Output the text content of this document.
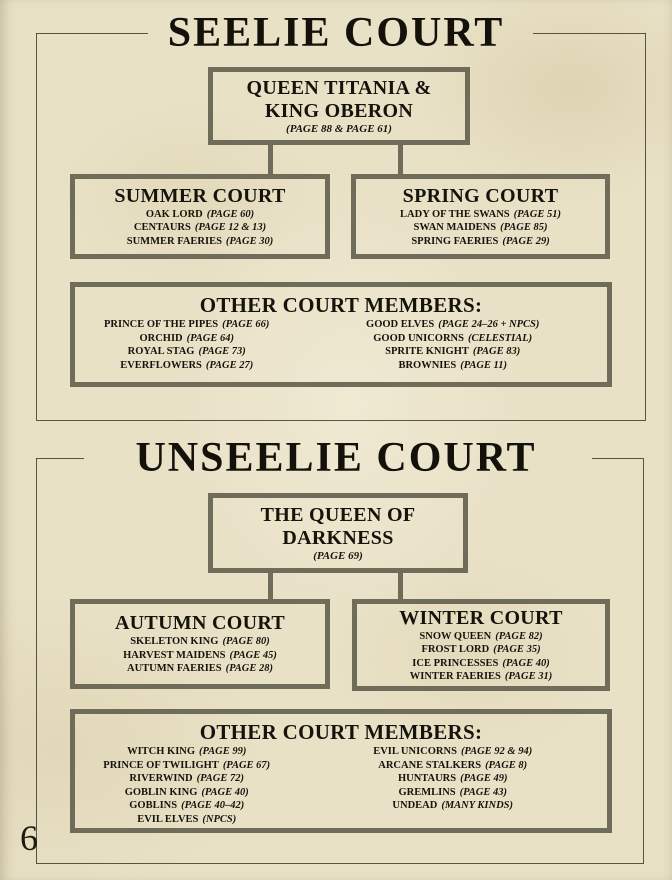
SEELIE COURT
QUEEN TITANIA &
KING OBERON
(PAGE 88 & PAGE 61)
SUMMER COURT
OAK LORD (PAGE 60)
CENTAURS (PAGE 12 & 13)
SUMMER FAERIES (PAGE 30)
SPRING COURT
LADY OF THE SWANS (PAGE 51)
SWAN MAIDENS (PAGE 85)
SPRING FAERIES (PAGE 29)
OTHER COURT MEMBERS:
PRINCE OF THE PIPES (PAGE 66)
ORCHID (PAGE 64)
ROYAL STAG (PAGE 73)
EVERFLOWERS (PAGE 27)
GOOD ELVES (PAGE 24–26 + NPCS)
GOOD UNICORNS (CELESTIAL)
SPRITE KNIGHT (PAGE 83)
BROWNIES (PAGE 11)
UNSEELIE COURT
THE QUEEN OF
DARKNESS
(PAGE 69)
AUTUMN COURT
SKELETON KING (PAGE 80)
HARVEST MAIDENS (PAGE 45)
AUTUMN FAERIES (PAGE 28)
WINTER COURT
SNOW QUEEN (PAGE 82)
FROST LORD (PAGE 35)
ICE PRINCESSES (PAGE 40)
WINTER FAERIES (PAGE 31)
OTHER COURT MEMBERS:
WITCH KING (PAGE 99)
PRINCE OF TWILIGHT (PAGE 67)
RIVERWIND (PAGE 72)
GOBLIN KING (PAGE 40)
GOBLINS (PAGE 40–42)
EVIL ELVES (NPCS)
EVIL UNICORNS (PAGE 92 & 94)
ARCANE STALKERS (PAGE 8)
HUNTAURS (PAGE 49)
GREMLINS (PAGE 43)
UNDEAD (MANY KINDS)
6
